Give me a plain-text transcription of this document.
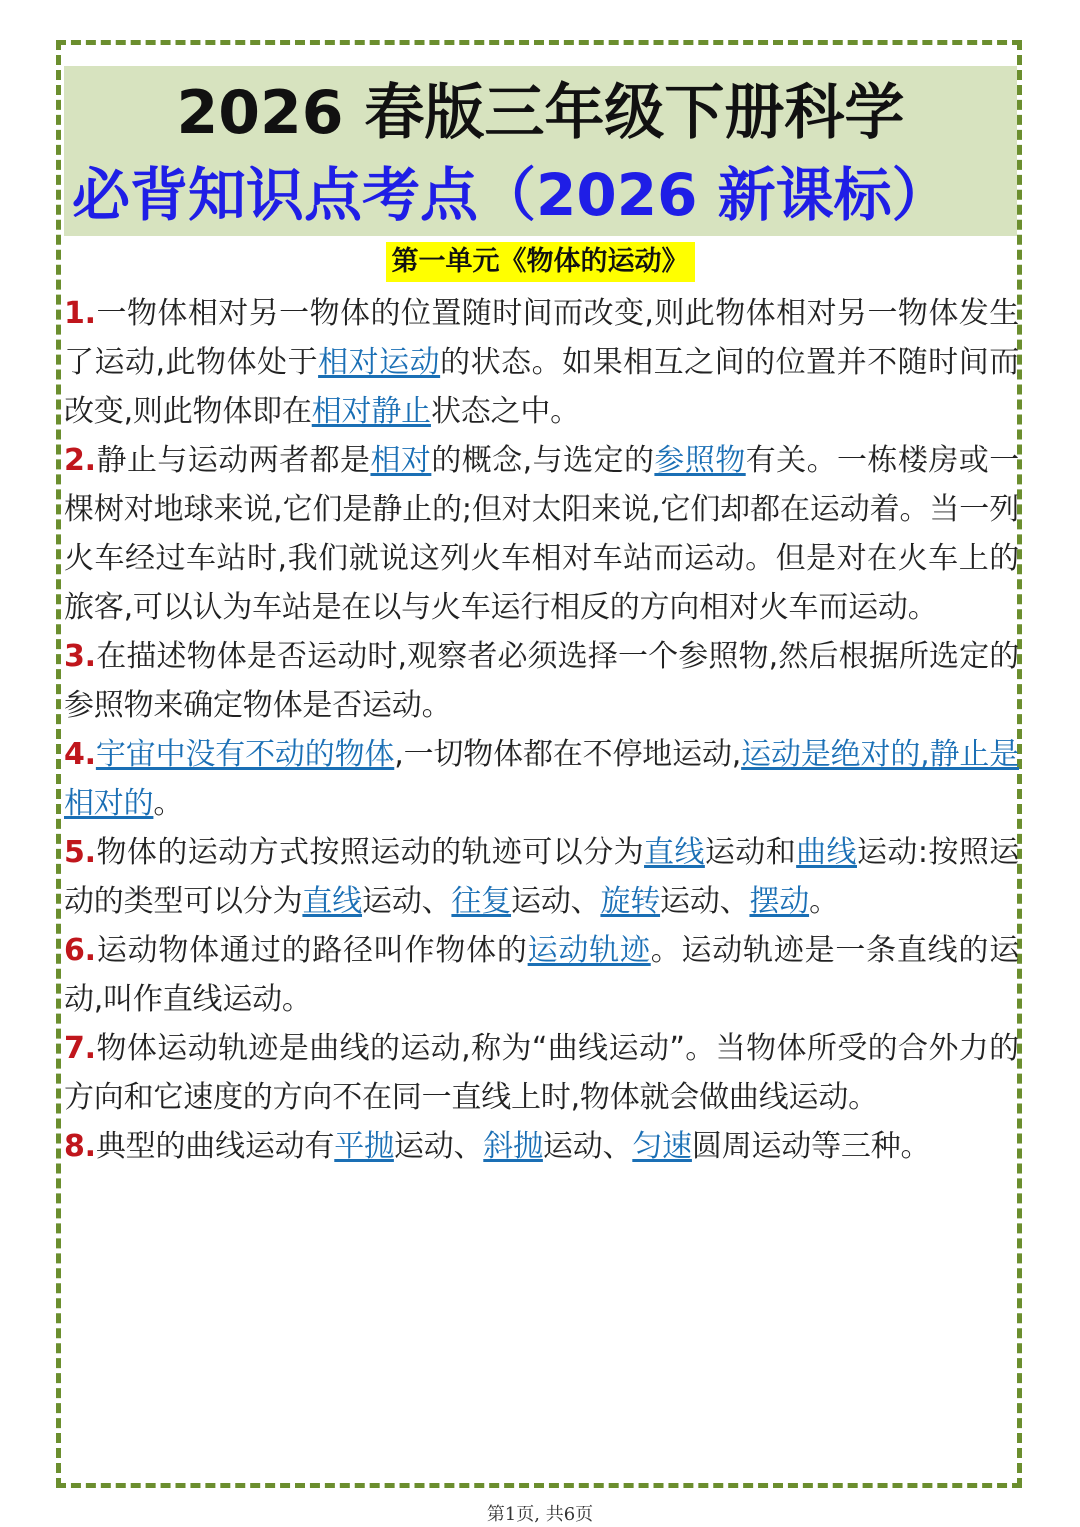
2026 春版三年级下册科学
必背知识点考点（2026 新课标）
第一单元《物体的运动》

1.一物体相对另一物体的位置随时间而改变,则此物体相对另一物体发生了运动,此物体处于相对运动的状态。如果相互之间的位置并不随时间而改变,则此物体即在相对静止状态之中。

2.静止与运动两者都是相对的概念,与选定的参照物有关。一栋楼房或一棵树对地球来说,它们是静止的;但对太阳来说,它们却都在运动着。当一列火车经过车站时,我们就说这列火车相对车站而运动。但是对在火车上的旅客,可以认为车站是在以与火车运行相反的方向相对火车而运动。

3.在描述物体是否运动时,观察者必须选择一个参照物,然后根据所选定的参照物来确定物体是否运动。

4.宇宙中没有不动的物体,一切物体都在不停地运动,运动是绝对的,静止是相对的。

5.物体的运动方式按照运动的轨迹可以分为直线运动和曲线运动:按照运动的类型可以分为直线运动、往复运动、旋转运动、摆动。

6.运动物体通过的路径叫作物体的运动轨迹。运动轨迹是一条直线的运动,叫作直线运动。

7.物体运动轨迹是曲线的运动,称为“曲线运动”。当物体所受的合外力的方向和它速度的方向不在同一直线上时,物体就会做曲线运动。

8.典型的曲线运动有平抛运动、斜抛运动、匀速圆周运动等三种。

第1页, 共6页
